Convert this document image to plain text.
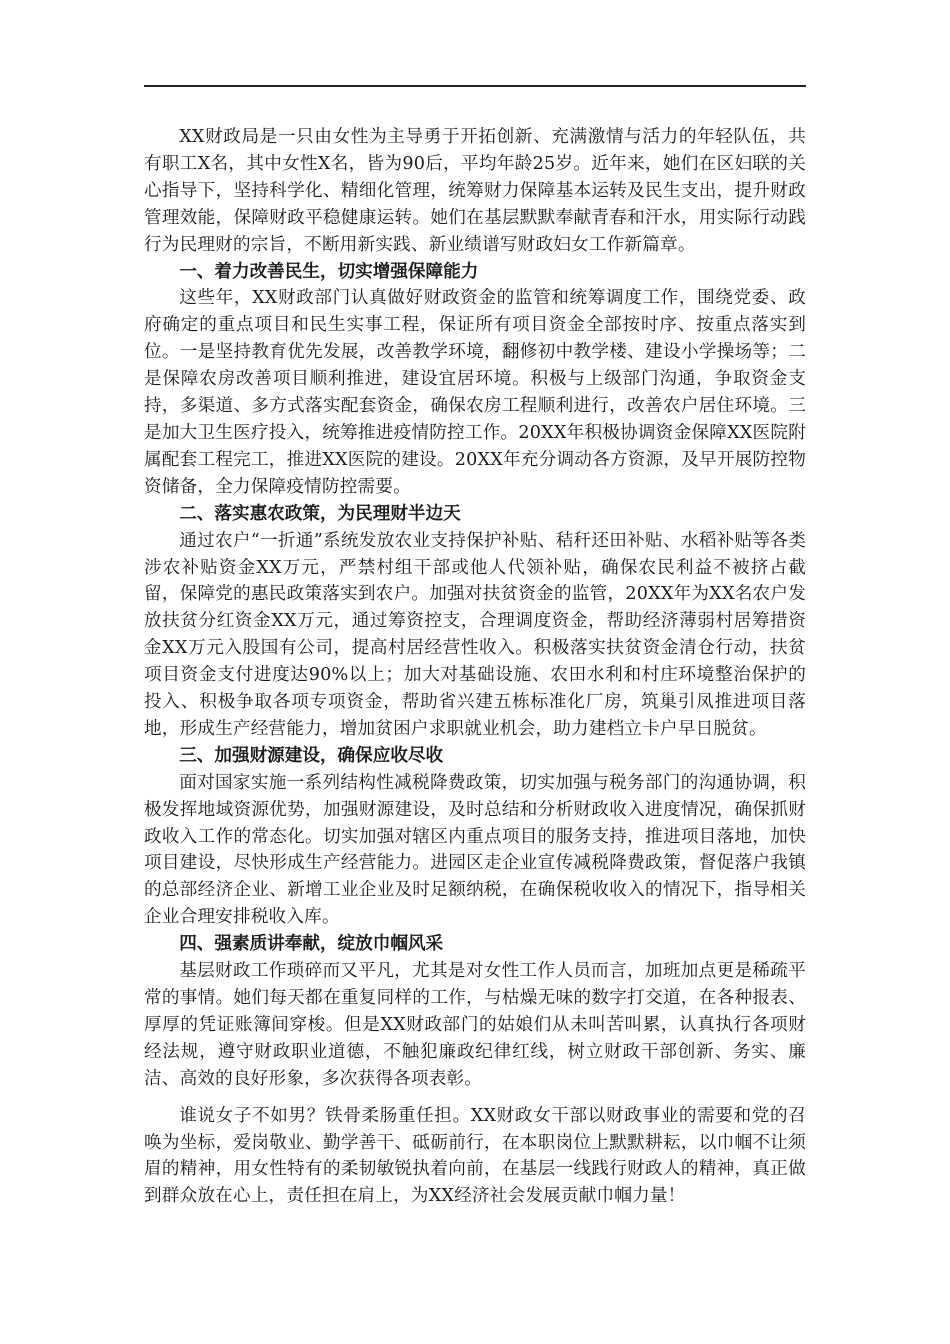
XX财政局是一只由女性为主导勇于开拓创新、充满激情与活力的年轻队伍，共有职工X名，其中女性X名，皆为90后，平均年龄25岁。近年来，她们在区妇联的关心指导下，坚持科学化、精细化管理，统筹财力保障基本运转及民生支出，提升财政管理效能，保障财政平稳健康运转。她们在基层默默奉献青春和汗水，用实际行动践行为民理财的宗旨，不断用新实践、新业绩谱写财政妇女工作新篇章。

一、着力改善民生，切实增强保障能力

这些年，XX财政部门认真做好财政资金的监管和统筹调度工作，围绕党委、政府确定的重点项目和民生实事工程，保证所有项目资金全部按时序、按重点落实到位。一是坚持教育优先发展，改善教学环境，翻修初中教学楼、建设小学操场等；二是保障农房改善项目顺利推进，建设宜居环境。积极与上级部门沟通，争取资金支持，多渠道、多方式落实配套资金，确保农房工程顺利进行，改善农户居住环境。三是加大卫生医疗投入，统筹推进疫情防控工作。20XX年积极协调资金保障XX医院附属配套工程完工，推进XX医院的建设。20XX年充分调动各方资源，及早开展防控物资储备，全力保障疫情防控需要。

二、落实惠农政策，为民理财半边天

通过农户“一折通”系统发放农业支持保护补贴、秸秆还田补贴、水稻补贴等各类涉农补贴资金XX万元，严禁村组干部或他人代领补贴，确保农民利益不被挤占截留，保障党的惠民政策落实到农户。加强对扶贫资金的监管，20XX年为XX名农户发放扶贫分红资金XX万元，通过筹资控支，合理调度资金，帮助经济薄弱村居筹措资金XX万元入股国有公司，提高村居经营性收入。积极落实扶贫资金清仓行动，扶贫项目资金支付进度达90%以上；加大对基础设施、农田水利和村庄环境整治保护的投入、积极争取各项专项资金，帮助省兴建五栋标准化厂房，筑巢引凤推进项目落地，形成生产经营能力，增加贫困户求职就业机会，助力建档立卡户早日脱贫。

三、加强财源建设，确保应收尽收

面对国家实施一系列结构性减税降费政策，切实加强与税务部门的沟通协调，积极发挥地域资源优势，加强财源建设，及时总结和分析财政收入进度情况，确保抓财政收入工作的常态化。切实加强对辖区内重点项目的服务支持，推进项目落地，加快项目建设，尽快形成生产经营能力。进园区走企业宣传减税降费政策，督促落户我镇的总部经济企业、新增工业企业及时足额纳税，在确保税收收入的情况下，指导相关企业合理安排税收入库。

四、强素质讲奉献，绽放巾帼风采

基层财政工作琐碎而又平凡，尤其是对女性工作人员而言，加班加点更是稀疏平常的事情。她们每天都在重复同样的工作，与枯燥无味的数字打交道，在各种报表、厚厚的凭证账簿间穿梭。但是XX财政部门的姑娘们从未叫苦叫累，认真执行各项财经法规，遵守财政职业道德，不触犯廉政纪律红线，树立财政干部创新、务实、廉洁、高效的良好形象，多次获得各项表彰。

谁说女子不如男？铁骨柔肠重任担。XX财政女干部以财政事业的需要和党的召唤为坐标，爱岗敬业、勤学善干、砥砺前行，在本职岗位上默默耕耘，以巾帼不让须眉的精神，用女性特有的柔韧敏锐执着向前，在基层一线践行财政人的精神，真正做到群众放在心上，责任担在肩上，为XX经济社会发展贡献巾帼力量！
